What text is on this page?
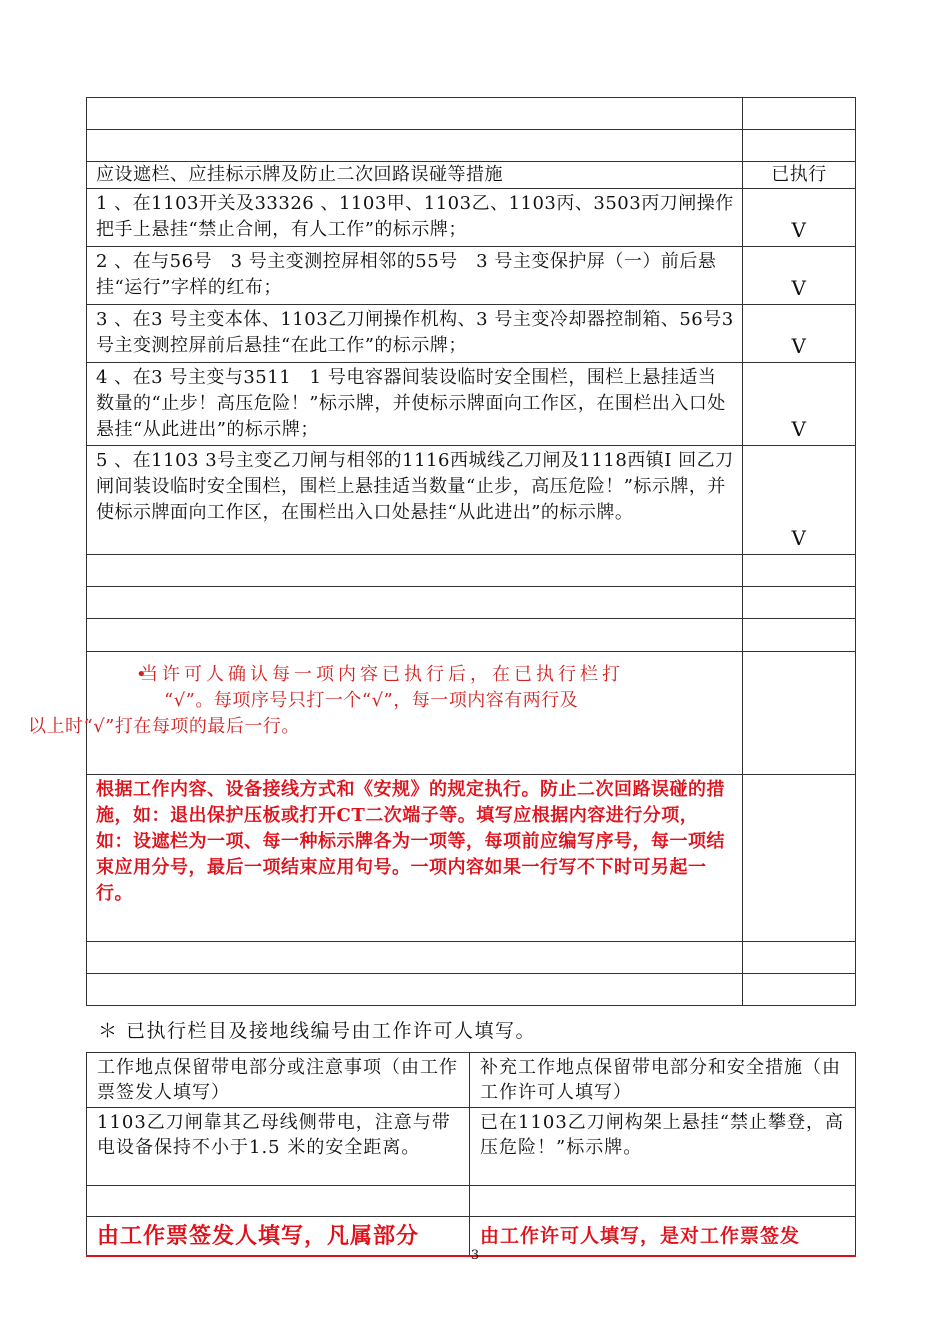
应设遮栏、应挂标示牌及防止二次回路误碰等措施	已执行
1 、在1103开关及33326 、1103甲、1103乙、1103丙、3503丙刀闸操作把手上悬挂“禁止合闸，有人工作”的标示牌；	V

2 、在与56号　3 号主变测控屏相邻的55号　3 号主变保护屏（一）前后悬挂“运行”字样的红布；	V

3 、在3 号主变本体、1103乙刀闸操作机构、3 号主变冷却器控制箱、56号3 号主变测控屏前后悬挂“在此工作”的标示牌；	V

4 、在3 号主变与3511　1 号电容器间装设临时安全围栏，围栏上悬挂适当数量的“止步！高压危险！”标示牌，并使标示牌面向工作区，在围栏出入口处悬挂“从此进出”的标示牌；	V

5 、在1103 3号主变乙刀闸与相邻的1116西城线乙刀闸及1118西镇I 回乙刀闸间装设临时安全围栏，围栏上悬挂适当数量“止步，高压危险！”标示牌，并使标示牌面向工作区，在围栏出入口处悬挂“从此进出”的标示牌。	V

• 当许可人确认每一项内容已执行后，在已执行栏打
“√”。每项序号只打一个“√”，每一项内容有两行及
以上时“√”打在每项的最后一行。

根据工作内容、设备接线方式和《安规》的规定执行。防止二次回路误碰的措施，如：退出保护压板或打开CT二次端子等。填写应根据内容进行分项，如：设遮栏为一项、每一种标示牌各为一项等，每项前应编写序号，每一项结束应用分号，最后一项结束应用句号。一项内容如果一行写不下时可另起一行。	

＊ 已执行栏目及接地线编号由工作许可人填写。
工作地点保留带电部分或注意事项（由工作票签发人填写）	补充工作地点保留带电部分和安全措施（由工作许可人填写）
1103乙刀闸靠其乙母线侧带电，注意与带电设备保持不小于1.5 米的安全距离。	已在1103乙刀闸构架上悬挂“禁止攀登，高压危险！”标示牌。

由工作票签发人填写，凡属部分	由工作许可人填写，是对工作票签发
3
